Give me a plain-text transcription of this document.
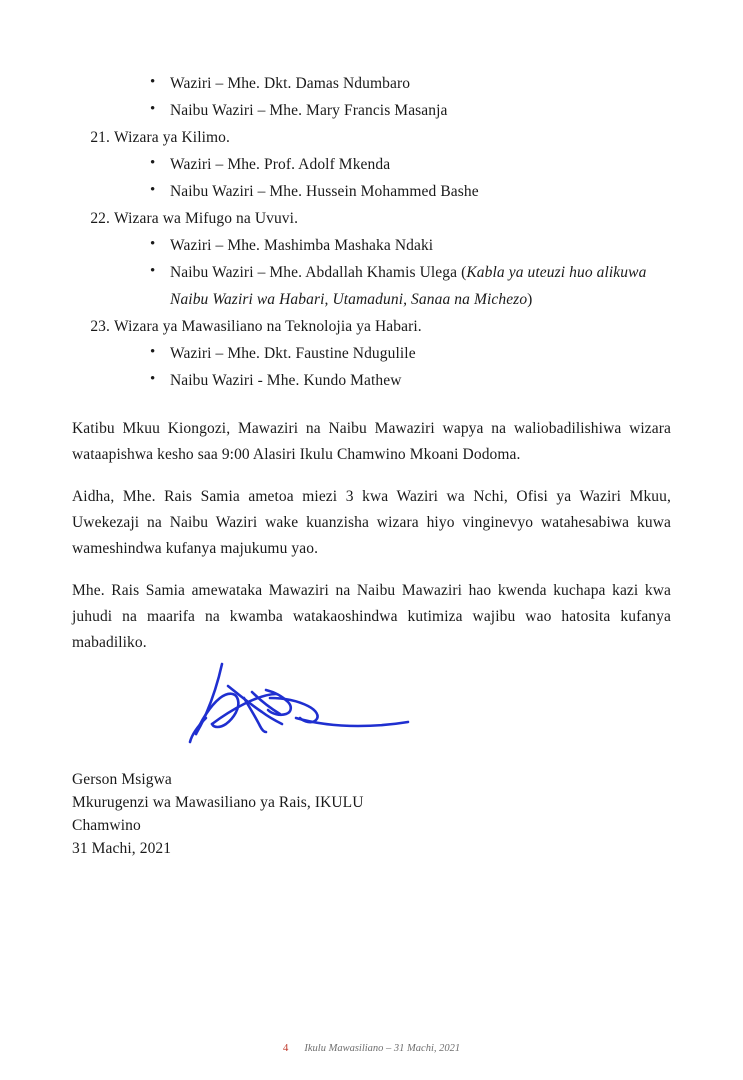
• Waziri – Mhe. Dkt. Damas Ndumbaro
• Naibu Waziri – Mhe. Mary Francis Masanja
21. Wizara ya Kilimo.
• Waziri – Mhe. Prof. Adolf Mkenda
• Naibu Waziri – Mhe. Hussein Mohammed Bashe
22. Wizara wa Mifugo na Uvuvi.
• Waziri – Mhe. Mashimba Mashaka Ndaki
• Naibu Waziri – Mhe. Abdallah Khamis Ulega (Kabla ya uteuzi huo alikuwa Naibu Waziri wa Habari, Utamaduni, Sanaa na Michezo)
23. Wizara ya Mawasiliano na Teknolojia ya Habari.
• Waziri – Mhe. Dkt. Faustine Ndugulile
• Naibu Waziri - Mhe. Kundo Mathew

Katibu Mkuu Kiongozi, Mawaziri na Naibu Mawaziri wapya na waliobadilishiwa wizara wataapishwa kesho saa 9:00 Alasiri Ikulu Chamwino Mkoani Dodoma.

Aidha, Mhe. Rais Samia ametoa miezi 3 kwa Waziri wa Nchi, Ofisi ya Waziri Mkuu, Uwekezaji na Naibu Waziri wake kuanzisha wizara hiyo vinginevyo watahesabiwa kuwa wameshindwa kufanya majukumu yao.

Mhe. Rais Samia amewataka Mawaziri na Naibu Mawaziri hao kwenda kuchapa kazi kwa juhudi na maarifa na kwamba watakaoshindwa kutimiza wajibu wao hatosita kufanya mabadiliko.

Gerson Msigwa
Mkurugenzi wa Mawasiliano ya Rais, IKULU
Chamwino
31 Machi, 2021
4 Ikulu Mawasiliano – 31 Machi, 2021
